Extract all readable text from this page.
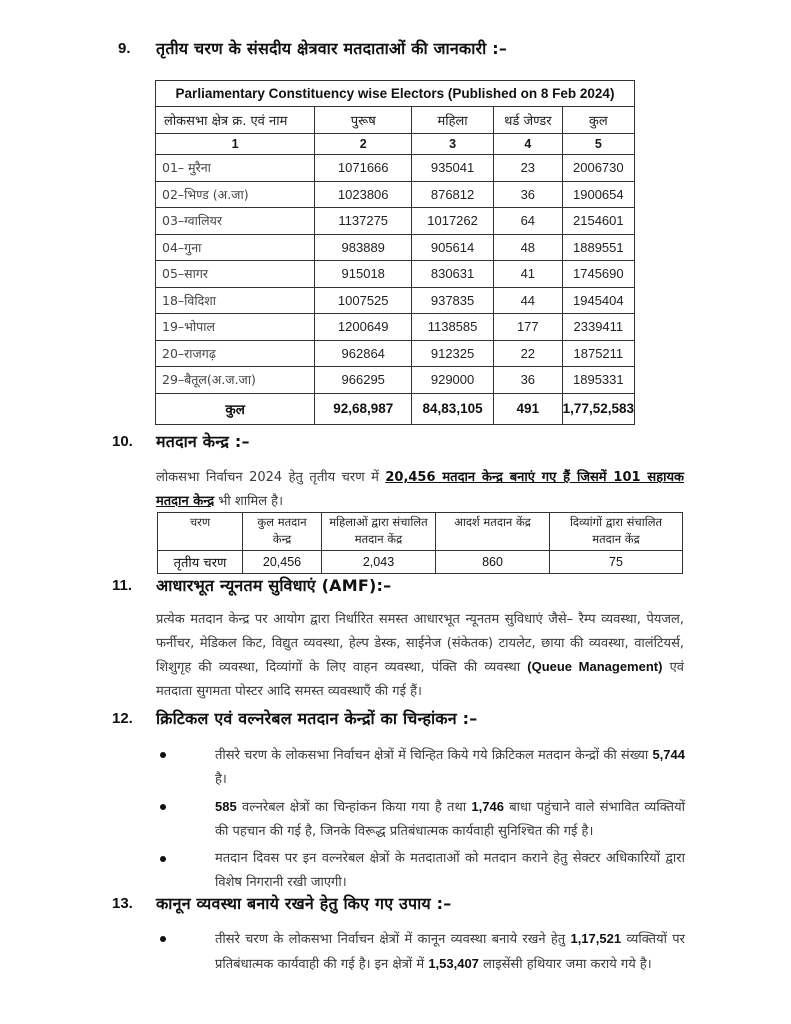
9. तृतीय चरण के संसदीय क्षेत्रवार मतदाताओं की जानकारी :–
Parliamentary Constituency wise Electors (Published on 8 Feb 2024)				
लोकसभा क्षेत्र क्र. एवं नाम	पुरूष	महिला	थर्ड जेण्डर	कुल
1	2	3	4	5
01– मुरैना	1071666	935041	23	2006730
02–भिण्ड (अ.जा)	1023806	876812	36	1900654
03–ग्वालियर	1137275	1017262	64	2154601
04–गुना	983889	905614	48	1889551
05–सागर	915018	830631	41	1745690
18–विदिशा	1007525	937835	44	1945404
19–भोपाल	1200649	1138585	177	2339411
20–राजगढ़	962864	912325	22	1875211
29–बैतूल(अ.ज.जा)	966295	929000	36	1895331
कुल	92,68,987	84,83,105	491	1,77,52,583
10. मतदान केन्द्र :–
लोकसभा निर्वाचन 2024 हेतु तृतीय चरण में 20,456 मतदान केन्द्र बनाएं गए हैं जिसमें 101 सहायक मतदान केन्द्र भी शामिल है।
चरण	कुल मतदान केन्द्र	महिलाओं द्वारा संचालित मतदान केंद्र	आदर्श मतदान केंद्र	दिव्यांगों द्वारा संचालित मतदान केंद्र
तृतीय चरण	20,456	2,043	860	75
11. आधारभूत न्यूनतम सुविधाएं (AMF):–
प्रत्येक मतदान केन्द्र पर आयोग द्वारा निर्धारित समस्त आधारभूत न्यूनतम सुविधाएं जैसे– रैम्प व्यवस्था, पेयजल, फर्नीचर, मेडिकल किट, विद्युत व्यवस्था, हेल्प डेस्क, साईनेज (संकेतक) टायलेट, छाया की व्यवस्था, वालंटियर्स, शिशुगृह की व्यवस्था, दिव्यांगों के लिए वाहन व्यवस्था, पंक्ति की व्यवस्था (Queue Management) एवं मतदाता सुगमता पोस्टर आदि समस्त व्यवस्थाएँ की गई हैं।
12. क्रिटिकल एवं वल्नरेबल मतदान केन्द्रों का चिन्हांकन :–
तीसरे चरण के लोकसभा निर्वाचन क्षेत्रों में चिन्हित किये गये क्रिटिकल मतदान केन्द्रों की संख्या 5,744 है।
585 वल्नरेबल क्षेत्रों का चिन्हांकन किया गया है तथा 1,746 बाधा पहुंचाने वाले संभावित व्यक्तियों की पहचान की गई है, जिनके विरूद्ध प्रतिबंधात्मक कार्यवाही सुनिश्चित की गई है।
मतदान दिवस पर इन वल्नरेबल क्षेत्रों के मतदाताओं को मतदान कराने हेतु सेक्टर अधिकारियों द्वारा विशेष निगरानी रखी जाएगी।
13. कानून व्यवस्था बनाये रखने हेतु किए गए उपाय :–
तीसरे चरण के लोकसभा निर्वाचन क्षेत्रों में कानून व्यवस्था बनाये रखने हेतु 1,17,521 व्यक्तियों पर प्रतिबंधात्मक कार्यवाही की गई है। इन क्षेत्रों में 1,53,407 लाइसेंसी हथियार जमा कराये गये है।
